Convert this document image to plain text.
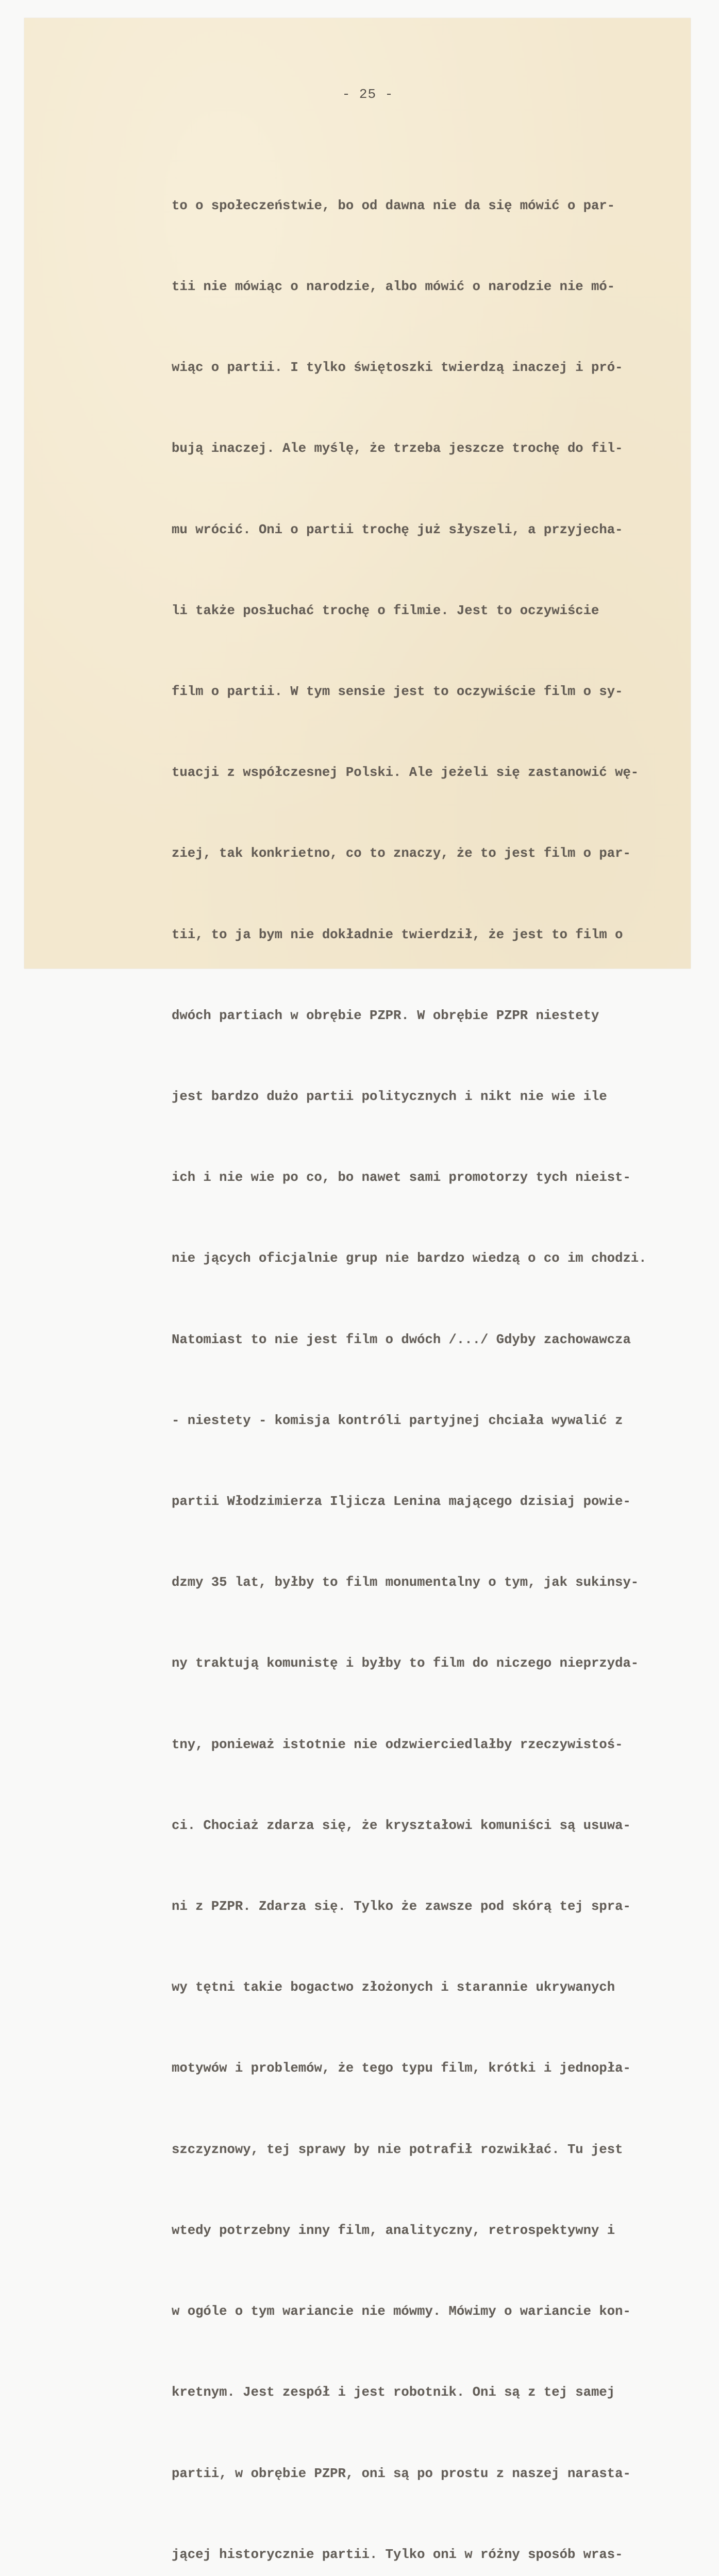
- 25 -

to o społeczeństwie, bo od dawna nie da się mówić o par-

tii nie mówiąc o narodzie, albo mówić o narodzie nie mó-

wiąc o partii. I tylko świętoszki twierdzą inaczej i pró-

bują inaczej. Ale myślę, że trzeba jeszcze trochę do fil-

mu wrócić. Oni o partii trochę już słyszeli, a przyjecha-

li także posłuchać trochę o filmie. Jest to oczywiście

film o partii. W tym sensie jest to oczywiście film o sy-

tuacji z współczesnej Polski. Ale jeżeli się zastanowić wę-

ziej, tak konkrietno, co to znaczy, że to jest film o par-

tii, to ja bym nie dokładnie twierdził, że jest to film o

dwóch partiach w obrębie PZPR. W obrębie PZPR niestety

jest bardzo dużo partii politycznych i nikt nie wie ile

ich i nie wie po co, bo nawet sami promotorzy tych nieist-

nie jących oficjalnie grup nie bardzo wiedzą o co im chodzi.

Natomiast to nie jest film o dwóch /.../ Gdyby zachowawcza

- niestety - komisja kontróli partyjnej chciała wywalić z

partii Włodzimierza Iljicza Lenina mającego dzisiaj powie-

dzmy 35 lat, byłby to film monumentalny o tym, jak sukinsy-

ny traktują komunistę i byłby to film do niczego nieprzyda-

tny, ponieważ istotnie nie odzwierciedlałby rzeczywistoś-

ci. Chociaż zdarza się, że kryształowi komuniści są usuwa-

ni z PZPR. Zdarza się. Tylko że zawsze pod skórą tej spra-

wy tętni takie bogactwo złożonych i starannie ukrywanych

motywów i problemów, że tego typu film, krótki i jednopła-

szczyznowy, tej sprawy by nie potrafił rozwikłać. Tu jest

wtedy potrzebny inny film, analityczny, retrospektywny i

w ogóle o tym wariancie nie mówmy. Mówimy o wariancie kon-

kretnym. Jest zespół i jest robotnik. Oni są z tej samej

partii, w obrębie PZPR, oni są po prostu z naszej narasta-

jącej historycznie partii. Tylko oni w różny sposób wras-
